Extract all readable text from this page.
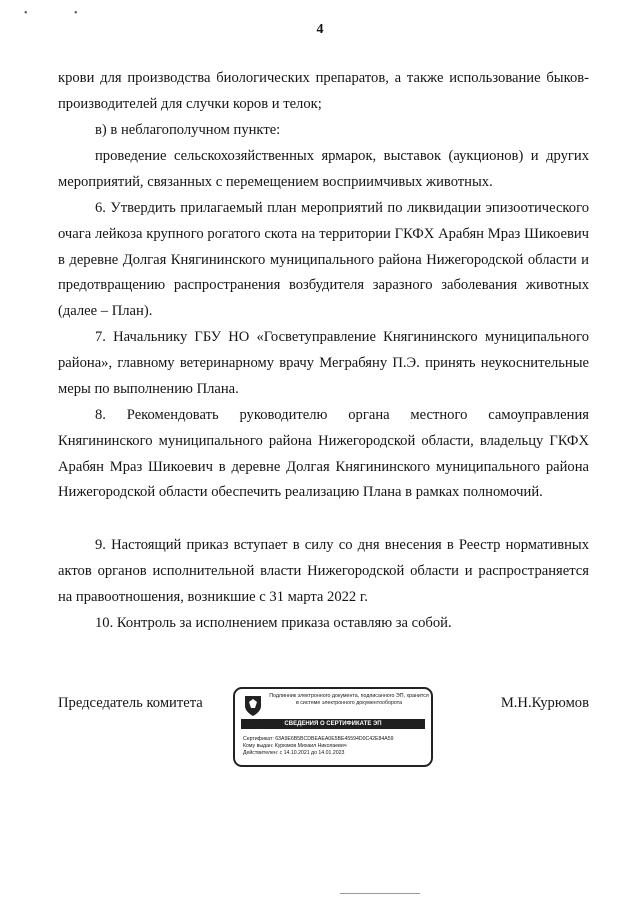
• •
4

крови для производства биологических препаратов, а также использование быков-производителей для случки коров и телок;

в) в неблагополучном пункте:

проведение сельскохозяйственных ярмарок, выставок (аукционов) и других мероприятий, связанных с перемещением восприимчивых животных.

6. Утвердить прилагаемый план мероприятий по ликвидации эпизоотического очага лейкоза крупного рогатого скота на территории ГКФХ Арабян Мраз Шикоевич в деревне Долгая Княгининского муниципального района Нижегородской области и предотвращению распространения возбудителя заразного заболевания животных (далее – План).

7. Начальнику ГБУ НО «Госветуправление Княгининского муниципального района», главному ветеринарному врачу Меграбяну П.Э. принять неукоснительные меры по выполнению Плана.

8. Рекомендовать руководителю органа местного самоуправления Княгининского муниципального района Нижегородской области, владельцу ГКФХ Арабян Мраз Шикоевич в деревне Долгая Княгининского муниципального района Нижегородской области обеспечить реализацию Плана в рамках полномочий.

9. Настоящий приказ вступает в силу со дня внесения в Реестр нормативных актов органов исполнительной власти Нижегородской области и распространяется на правоотношения, возникшие с 31 марта 2022 г.

10. Контроль за исполнением приказа оставляю за собой.

Председатель комитета	Подлинник электронного документа, подписанного ЭП, хранится в системе электронного документооборота
СВЕДЕНИЯ О СЕРТИФИКАТЕ ЭП
Сертификат: 63A9E6B5BCDBEAEA0E5BE45594D0C42E84A59
Кому выдан: Курюмов Михаил Николаевич
Действителен: с 14.10.2021 до 14.01.2023
М.Н.Курюмов
